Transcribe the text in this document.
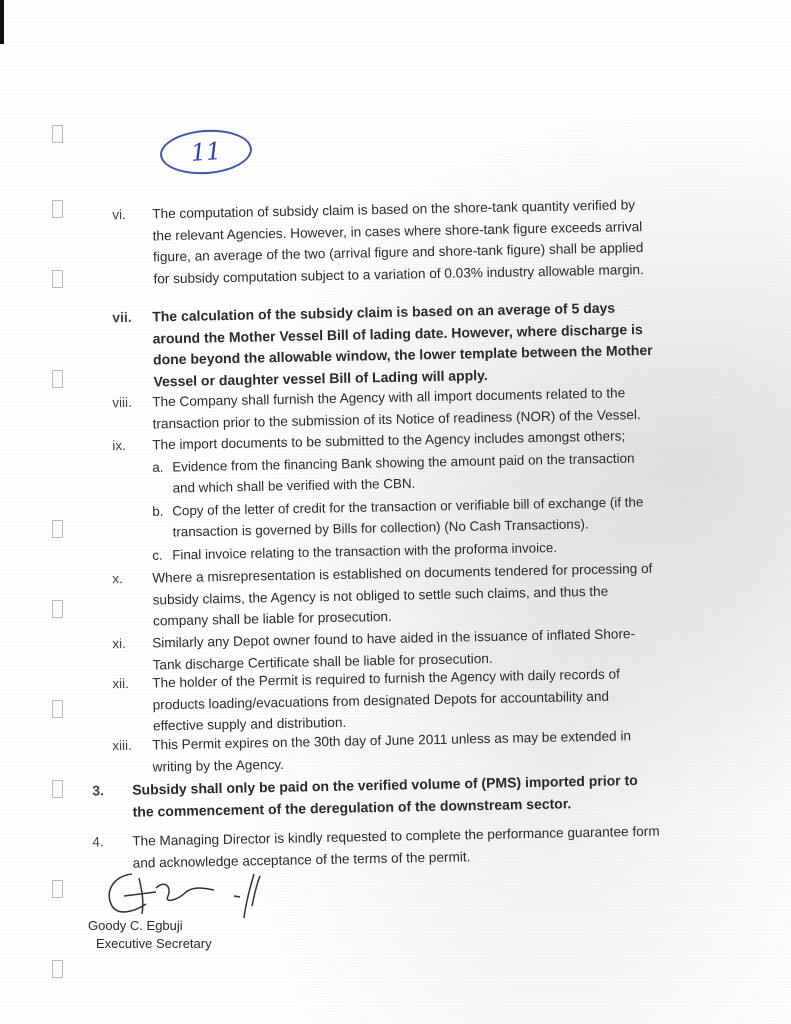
11
vi. The computation of subsidy claim is based on the shore-tank quantity verified by the relevant Agencies. However, in cases where shore-tank figure exceeds arrival figure, an average of the two (arrival figure and shore-tank figure) shall be applied for subsidy computation subject to a variation of 0.03% industry allowable margin.
vii. The calculation of the subsidy claim is based on an average of 5 days around the Mother Vessel Bill of lading date. However, where discharge is done beyond the allowable window, the lower template between the Mother Vessel or daughter vessel Bill of Lading will apply.
viii. The Company shall furnish the Agency with all import documents related to the transaction prior to the submission of its Notice of readiness (NOR) of the Vessel.
ix. The import documents to be submitted to the Agency includes amongst others;
a. Evidence from the financing Bank showing the amount paid on the transaction and which shall be verified with the CBN.
b. Copy of the letter of credit for the transaction or verifiable bill of exchange (if the transaction is governed by Bills for collection) (No Cash Transactions).
c. Final invoice relating to the transaction with the proforma invoice.
x. Where a misrepresentation is established on documents tendered for processing of subsidy claims, the Agency is not obliged to settle such claims, and thus the company shall be liable for prosecution.
xi. Similarly any Depot owner found to have aided in the issuance of inflated Shore-Tank discharge Certificate shall be liable for prosecution.
xii. The holder of the Permit is required to furnish the Agency with daily records of products loading/evacuations from designated Depots for accountability and effective supply and distribution.
xiii. This Permit expires on the 30th day of June 2011 unless as may be extended in writing by the Agency.
3. Subsidy shall only be paid on the verified volume of (PMS) imported prior to the commencement of the deregulation of the downstream sector.
4. The Managing Director is kindly requested to complete the performance guarantee form and acknowledge acceptance of the terms of the permit.
Goody C. Egbuji
Executive Secretary
